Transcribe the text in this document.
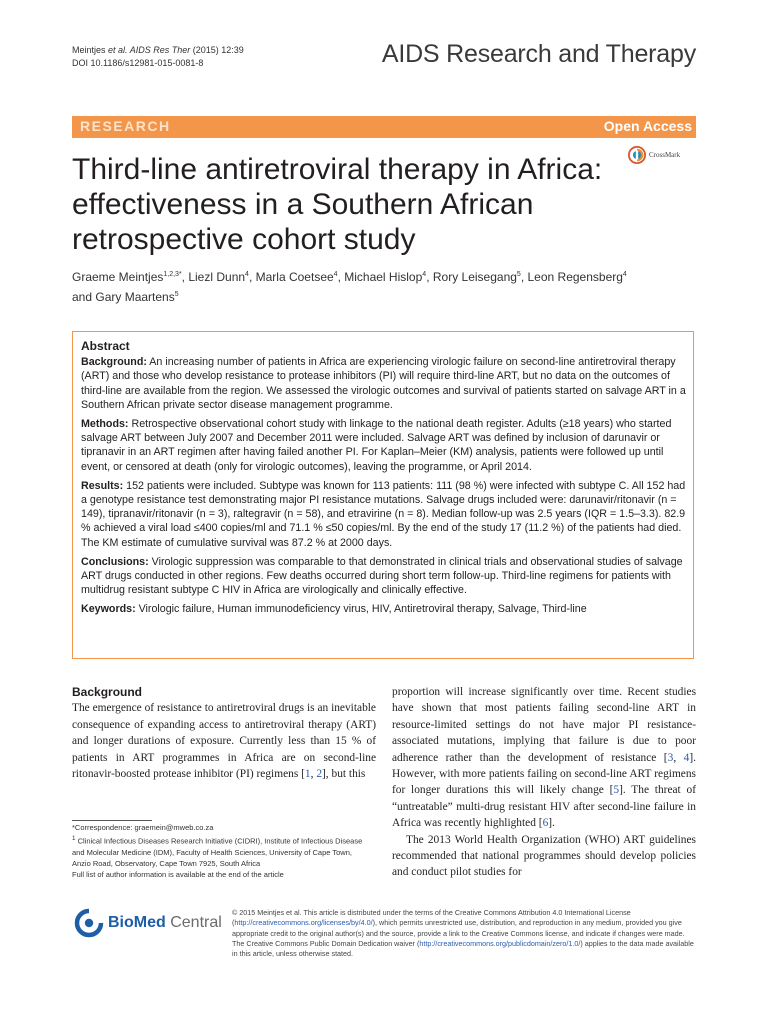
Meintjes et al. AIDS Res Ther (2015) 12:39
DOI 10.1186/s12981-015-0081-8	AIDS Research and Therapy
RESEARCH	Open Access
CrossMark
Third-line antiretroviral therapy in Africa: effectiveness in a Southern African retrospective cohort study
Graeme Meintjes$^{1,2,3*}$, Liezl Dunn$^4$, Marla Coetsee$^4$, Michael Hislop$^4$, Rory Leisegang$^5$, Leon Regensberg$^4$
and Gary Maartens$^5$
Abstract

Background: An increasing number of patients in Africa are experiencing virologic failure on second-line antiretroviral therapy (ART) and those who develop resistance to protease inhibitors (PI) will require third-line ART, but no data on the outcomes of third-line are available from the region. We assessed the virologic outcomes and survival of patients started on salvage ART in a Southern African private sector disease management programme.

Methods: Retrospective observational cohort study with linkage to the national death register. Adults (≥18 years) who started salvage ART between July 2007 and December 2011 were included. Salvage ART was defined by inclusion of darunavir or tipranavir in an ART regimen after having failed another PI. For Kaplan–Meier (KM) analysis, patients were followed up until event, or censored at death (only for virologic outcomes), leaving the programme, or April 2014.

Results: 152 patients were included. Subtype was known for 113 patients: 111 (98 %) were infected with subtype C. All 152 had a genotype resistance test demonstrating major PI resistance mutations. Salvage drugs included were: darunavir/ritonavir (n = 149), tipranavir/ritonavir (n = 3), raltegravir (n = 58), and etravirine (n = 8). Median follow-up was 2.5 years (IQR = 1.5–3.3). 82.9 % achieved a viral load ≤400 copies/ml and 71.1 % ≤50 copies/ml. By the end of the study 17 (11.2 %) of the patients had died. The KM estimate of cumulative survival was 87.2 % at 2000 days.

Conclusions: Virologic suppression was comparable to that demonstrated in clinical trials and observational studies of salvage ART drugs conducted in other regions. Few deaths occurred during short term follow-up. Third-line regimens for patients with multidrug resistant subtype C HIV in Africa are virologically and clinically effective.

Keywords: Virologic failure, Human immunodeficiency virus, HIV, Antiretroviral therapy, Salvage, Third-line

Background

The emergence of resistance to antiretroviral drugs is an inevitable consequence of expanding access to antiretroviral therapy (ART) and longer durations of exposure. Currently less than 15 % of patients in ART programmes in Africa are on second-line ritonavir-boosted protease inhibitor (PI) regimens [1, 2], but this

proportion will increase significantly over time. Recent studies have shown that most patients failing second-line ART in resource-limited settings do not have major PI resistance-associated mutations, implying that failure is due to poor adherence rather than the development of resistance [3, 4]. However, with more patients failing on second-line ART regimens for longer durations this will likely change [5]. The threat of “untreatable” multi-drug resistant HIV after second-line failure in Africa was recently highlighted [6].

The 2013 World Health Organization (WHO) ART guidelines recommended that national programmes should develop policies and conduct pilot studies for

*Correspondence: graemein@mweb.co.za

$^1$ Clinical Infectious Diseases Research Initiative (CIDRI), Institute of Infectious Disease and Molecular Medicine (IDM), Faculty of Health Sciences, University of Cape Town, Anzio Road, Observatory, Cape Town 7925, South Africa

Full list of author information is available at the end of the article

BioMed Central
© 2015 Meintjes et al. This article is distributed under the terms of the Creative Commons Attribution 4.0 International License (http://creativecommons.org/licenses/by/4.0/), which permits unrestricted use, distribution, and reproduction in any medium, provided you give appropriate credit to the original author(s) and the source, provide a link to the Creative Commons license, and indicate if changes were made. The Creative Commons Public Domain Dedication waiver (http://creativecommons.org/publicdomain/zero/1.0/) applies to the data made available in this article, unless otherwise stated.
